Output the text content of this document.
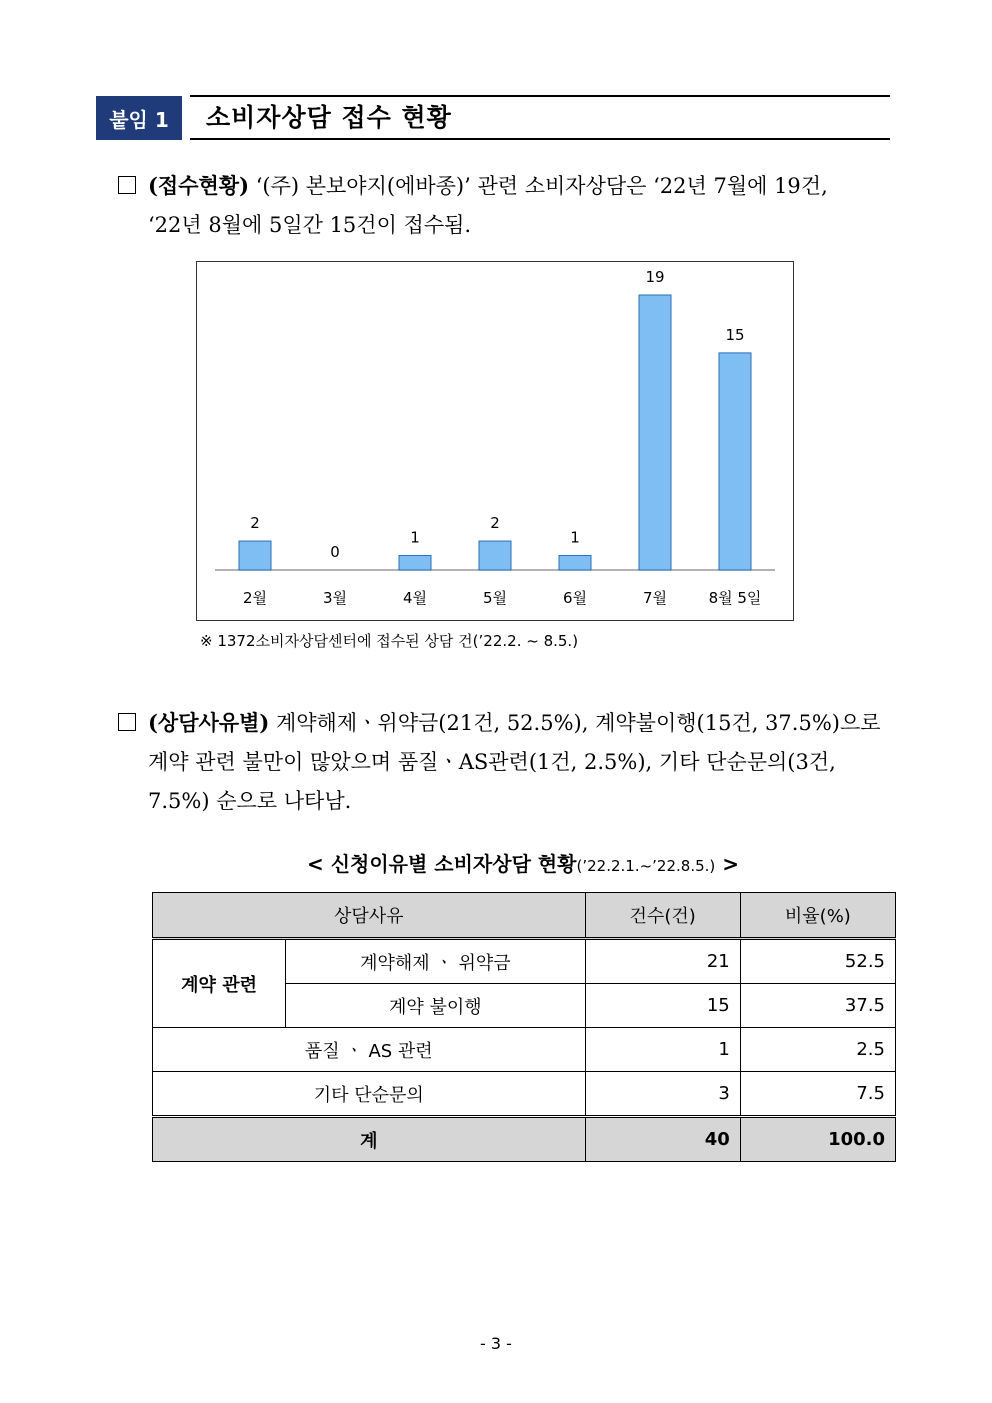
붙임 1	소비자상담 접수 현황
(접수현황) ‘(주) 본보야지(에바종)’ 관련 소비자상담은 ‘22년 7월에 19건,
‘22년 8월에 5일간 15건이 접수됨.
2
2월
0
3월
1
4월
2
5월
1
6월
19
7월
15
8월 5일
※ 1372소비자상담센터에 접수된 상담 건(’22.2. ~ 8.5.)
(상담사유별) 계약해제ㆍ위약금(21건, 52.5%), 계약불이행(15건, 37.5%)으로
계약 관련 불만이 많았으며 품질ㆍAS관련(1건, 2.5%), 기타 단순문의(3건,
7.5%) 순으로 나타남.
< 신청이유별 소비자상담 현황(’22.2.1.~’22.8.5.) >
상담사유		건수(건)	비율(%)
계약 관련	계약해제 ㆍ 위약금	21	52.5
	계약 불이행	15	37.5
품질 ㆍ AS 관련		1	2.5
기타 단순문의		3	7.5
계		40	100.0
- 3 -
